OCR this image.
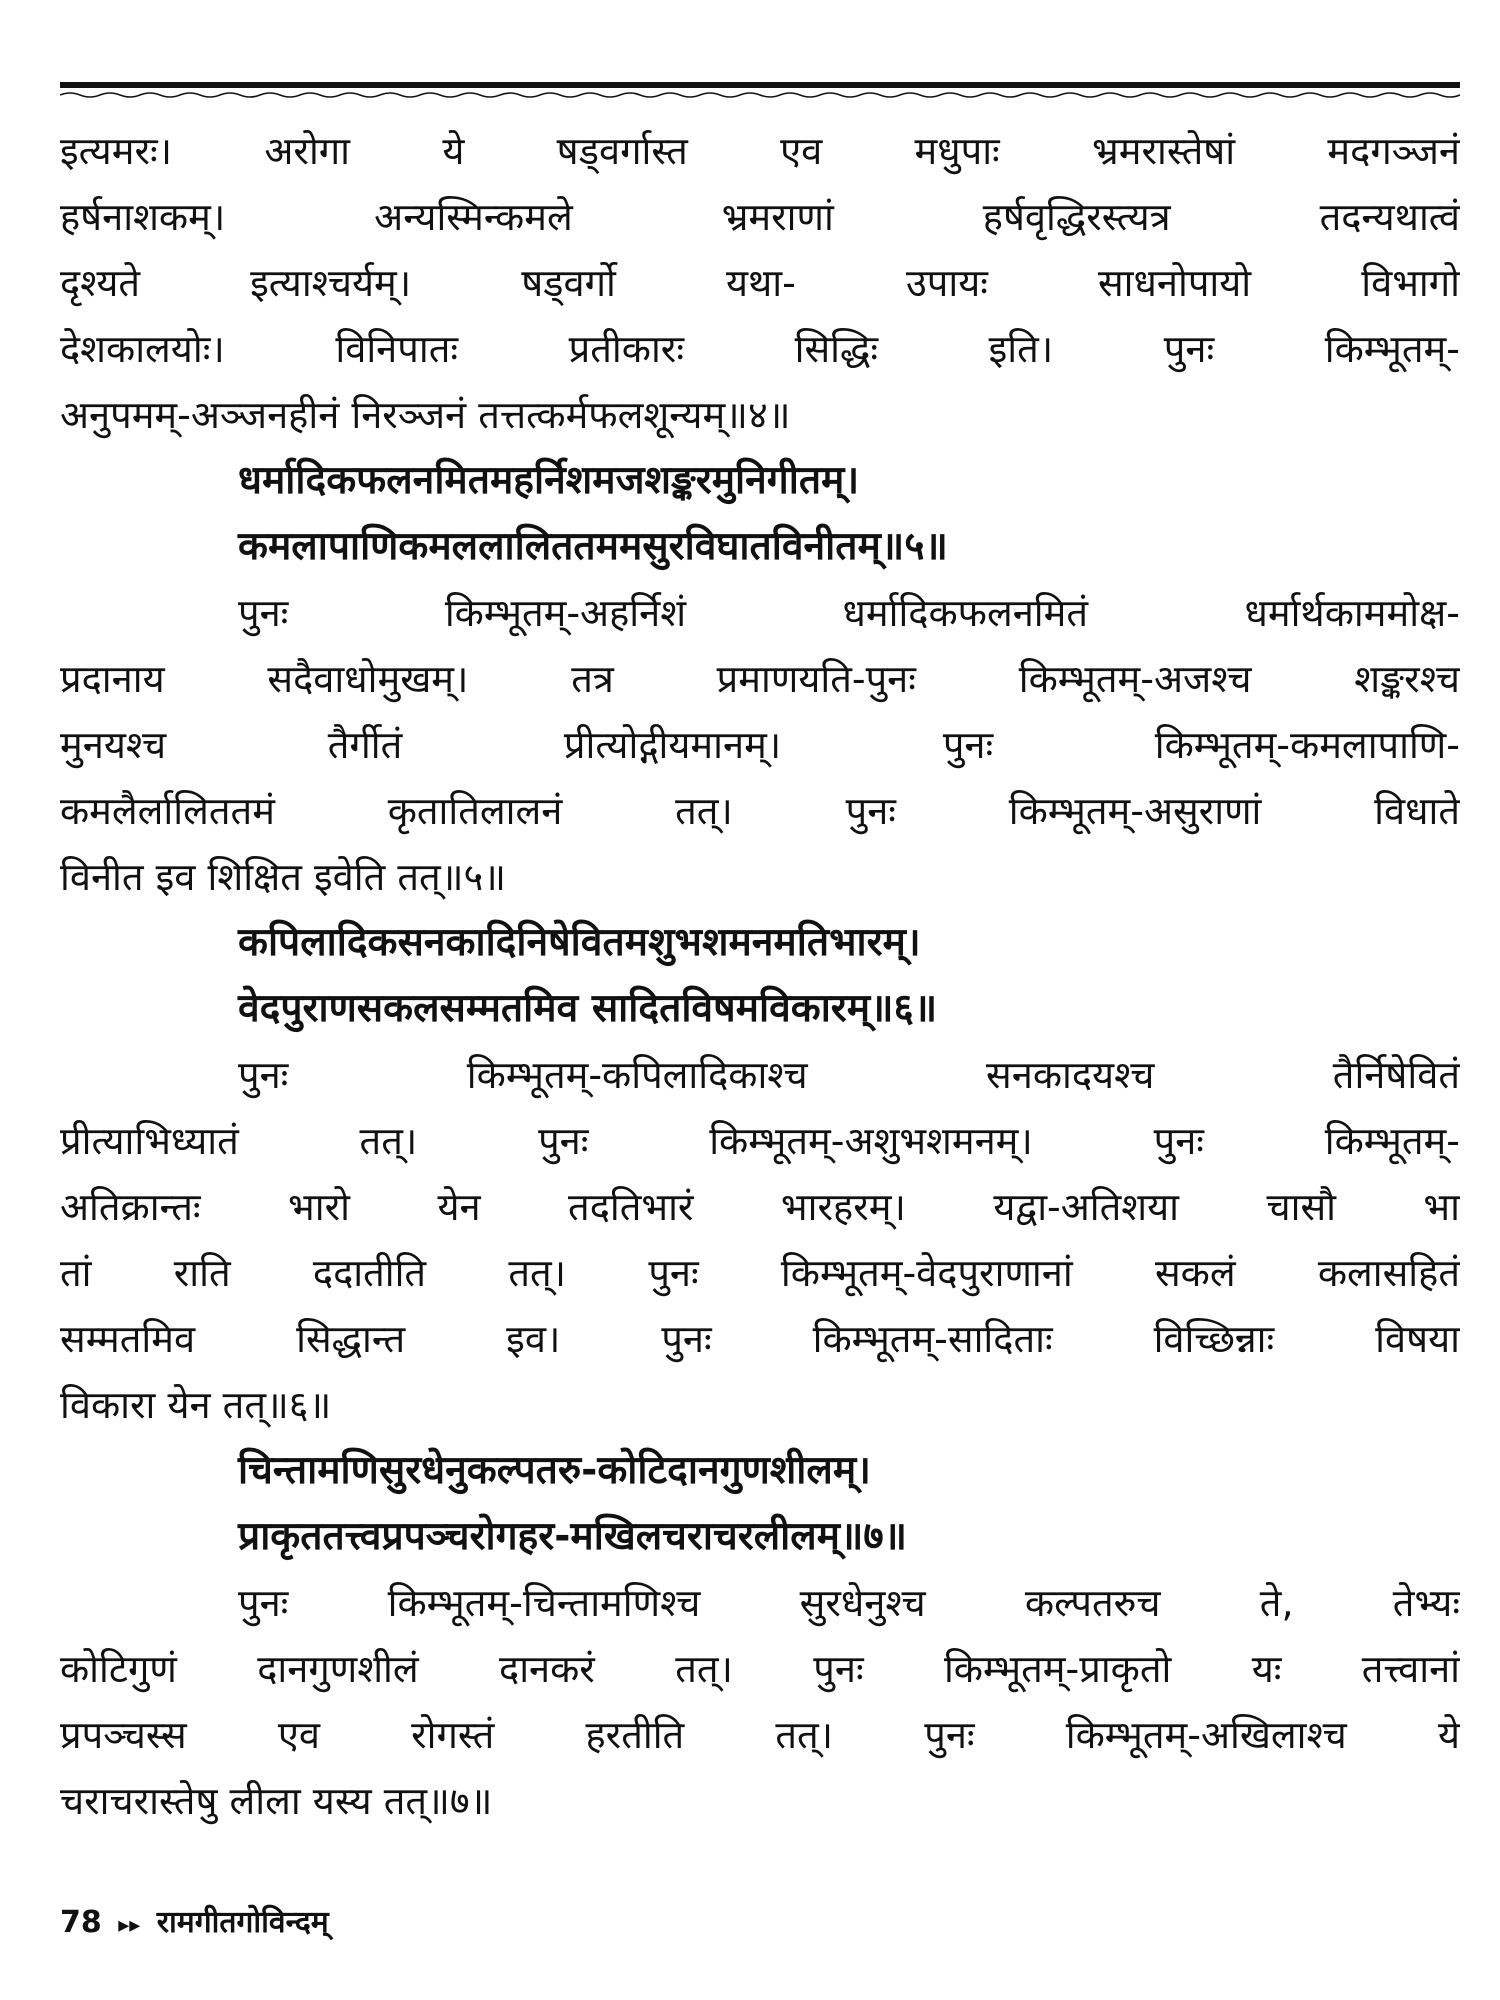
इत्यमरः। अरोगा ये षड्वर्गास्त एव मधुपाः भ्रमरास्तेषां मदगञ्जनं
हर्षनाशकम्। अन्यस्मिन्कमले भ्रमराणां हर्षवृद्धिरस्त्यत्र तदन्यथात्वं
दृश्यते इत्याश्चर्यम्। षड्वर्गो यथा- उपायः साधनोपायो विभागो
देशकालयोः। विनिपातः प्रतीकारः सिद्धिः इति। पुनः किम्भूतम्-
अनुपमम्-अञ्जनहीनं निरञ्जनं तत्तत्कर्मफलशून्यम्॥४॥
धर्मादिकफलनमितमहर्निशमजशङ्करमुनिगीतम्।
कमलापाणिकमललालिततममसुरविघातविनीतम्॥५॥
पुनः किम्भूतम्-अहर्निशं धर्मादिकफलनमितं धर्मार्थकाममोक्ष-
प्रदानाय सदैवाधोमुखम्। तत्र प्रमाणयति-पुनः किम्भूतम्-अजश्च शङ्करश्च
मुनयश्च तैर्गीतं प्रीत्योद्गीयमानम्। पुनः किम्भूतम्-कमलापाणि-
कमलैर्लालिततमं कृतातिलालनं तत्। पुनः किम्भूतम्-असुराणां विधाते
विनीत इव शिक्षित इवेति तत्॥५॥
कपिलादिकसनकादिनिषेवितमशुभशमनमतिभारम्।
वेदपुराणसकलसम्मतमिव सादितविषमविकारम्॥६॥
पुनः किम्भूतम्-कपिलादिकाश्च सनकादयश्च तैर्निषेवितं
प्रीत्याभिध्यातं तत्। पुनः किम्भूतम्-अशुभशमनम्। पुनः किम्भूतम्-
अतिक्रान्तः भारो येन तदतिभारं भारहरम्। यद्वा-अतिशया चासौ भा
तां राति ददातीति तत्। पुनः किम्भूतम्-वेदपुराणानां सकलं कलासहितं
सम्मतमिव सिद्धान्त इव। पुनः किम्भूतम्-सादिताः विच्छिन्नाः विषया
विकारा येन तत्॥६॥
चिन्तामणिसुरधेनुकल्पतरु-कोटिदानगुणशीलम्।
प्राकृततत्त्वप्रपञ्चरोगहर-मखिलचराचरलीलम्॥७॥
पुनः किम्भूतम्-चिन्तामणिश्च सुरधेनुश्च कल्पतरुच ते, तेभ्यः
कोटिगुणं दानगुणशीलं दानकरं तत्। पुनः किम्भूतम्-प्राकृतो यः तत्त्वानां
प्रपञ्चस्स एव रोगस्तं हरतीति तत्। पुनः किम्भूतम्-अखिलाश्च ये
चराचरास्तेषु लीला यस्य तत्॥७॥
78 ▸▸ रामगीतगोविन्दम्
